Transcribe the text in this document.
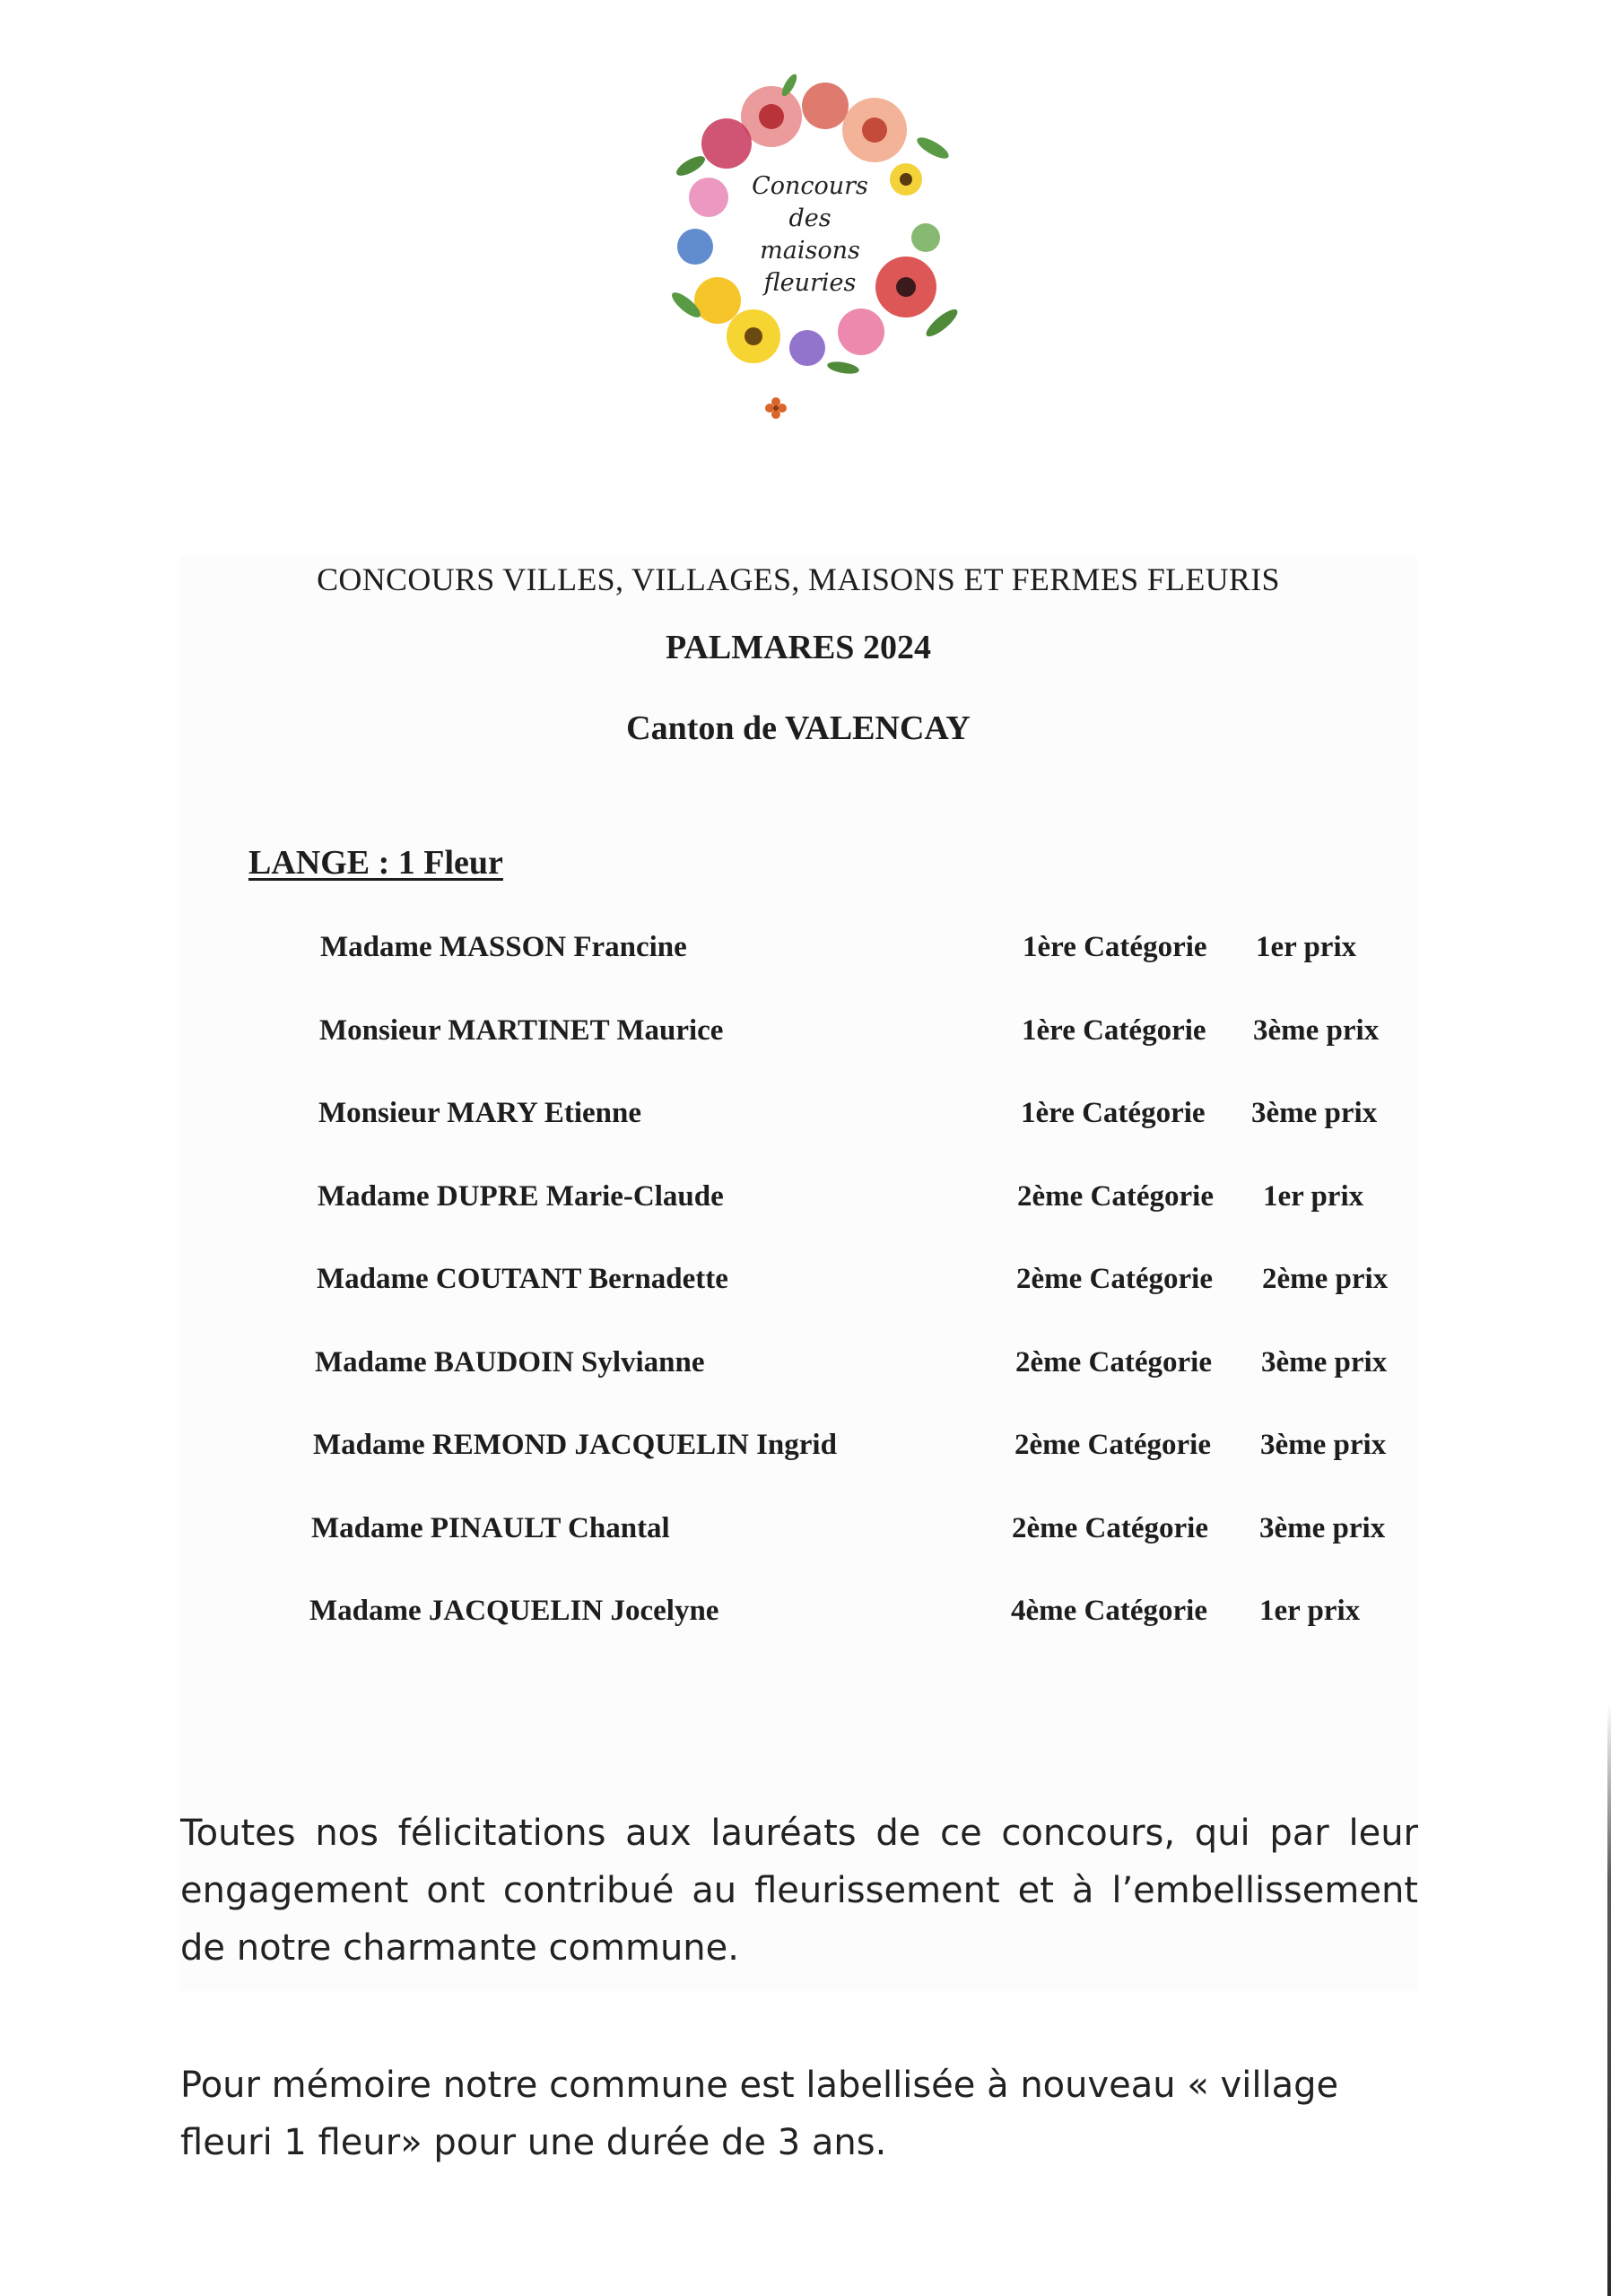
Concours
des
maisons
fleuries
CONCOURS VILLES, VILLAGES, MAISONS ET FERMES FLEURIS
PALMARES 2024
Canton de VALENCAY
LANGE : 1 Fleur
Madame MASSON Francine	1ère Catégorie 1er prix
Monsieur MARTINET Maurice	1ère Catégorie 3ème prix
Monsieur MARY Etienne	1ère Catégorie 3ème prix
Madame DUPRE Marie-Claude	2ème Catégorie 1er prix
Madame COUTANT Bernadette	2ème Catégorie 2ème prix
Madame BAUDOIN Sylvianne	2ème Catégorie 3ème prix
Madame REMOND JACQUELIN Ingrid	2ème Catégorie 3ème prix
Madame PINAULT Chantal	2ème Catégorie 3ème prix
Madame JACQUELIN Jocelyne	4ème Catégorie 1er prix

Toutes nos félicitations aux lauréats de ce concours, qui par leur engagement ont contribué au fleurissement et à l’embellissement de notre charmante commune.

Pour mémoire notre commune est labellisée à nouveau « village fleuri 1 fleur» pour une durée de 3 ans.
